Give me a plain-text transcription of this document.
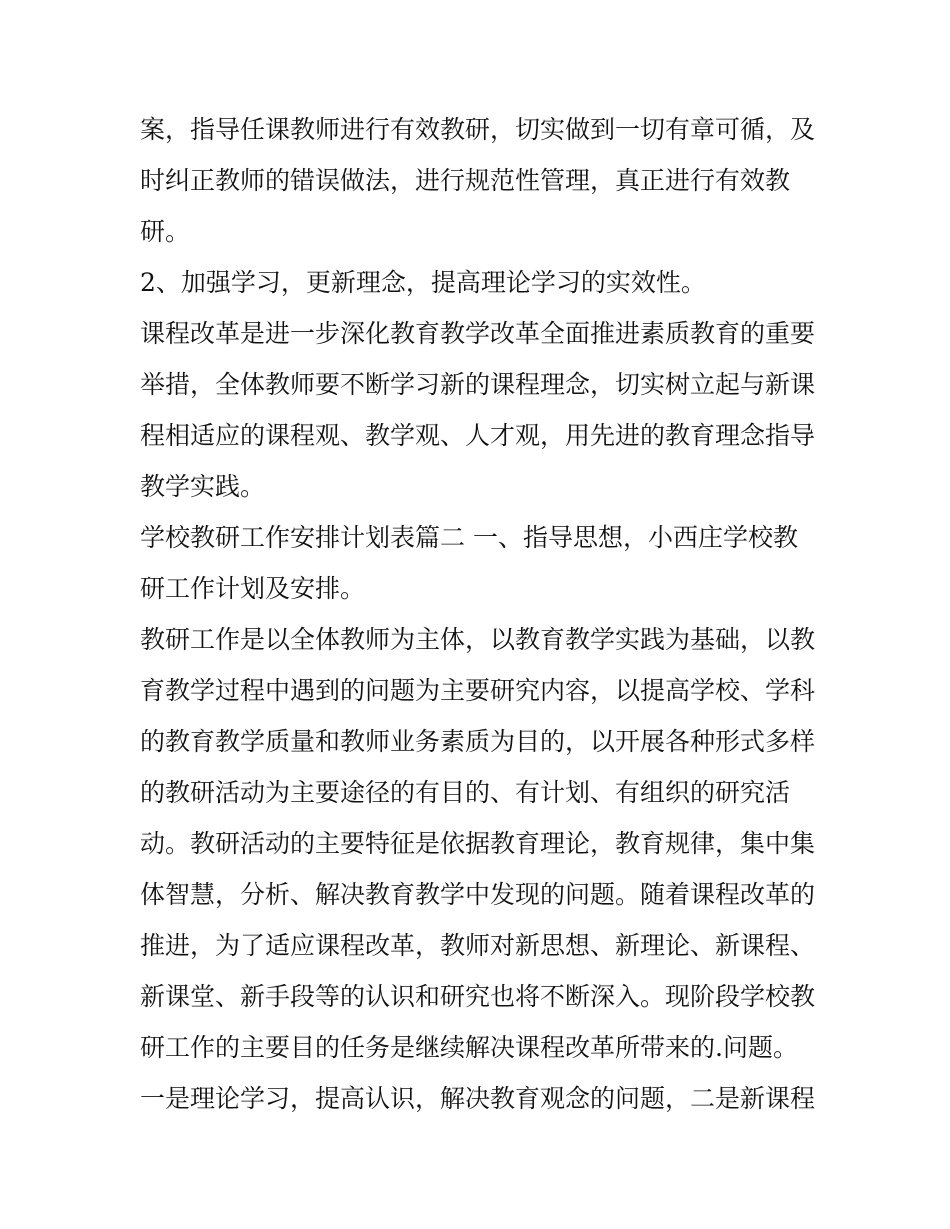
案，指导任课教师进行有效教研，切实做到一切有章可循，及
时纠正教师的错误做法，进行规范性管理，真正进行有效教
研。
2、加强学习，更新理念，提高理论学习的实效性。
课程改革是进一步深化教育教学改革全面推进素质教育的重要
举措，全体教师要不断学习新的课程理念，切实树立起与新课
程相适应的课程观、教学观、人才观，用先进的教育理念指导
教学实践。
学校教研工作安排计划表篇二 一、指导思想，小西庄学校教
研工作计划及安排。
教研工作是以全体教师为主体，以教育教学实践为基础，以教
育教学过程中遇到的问题为主要研究内容，以提高学校、学科
的教育教学质量和教师业务素质为目的，以开展各种形式多样
的教研活动为主要途径的有目的、有计划、有组织的研究活
动。教研活动的主要特征是依据教育理论，教育规律，集中集
体智慧，分析、解决教育教学中发现的问题。随着课程改革的
推进，为了适应课程改革，教师对新思想、新理论、新课程、
新课堂、新手段等的认识和研究也将不断深入。现阶段学校教
研工作的主要目的任务是继续解决课程改革所带来的.问题。
一是理论学习，提高认识，解决教育观念的问题，二是新课程
